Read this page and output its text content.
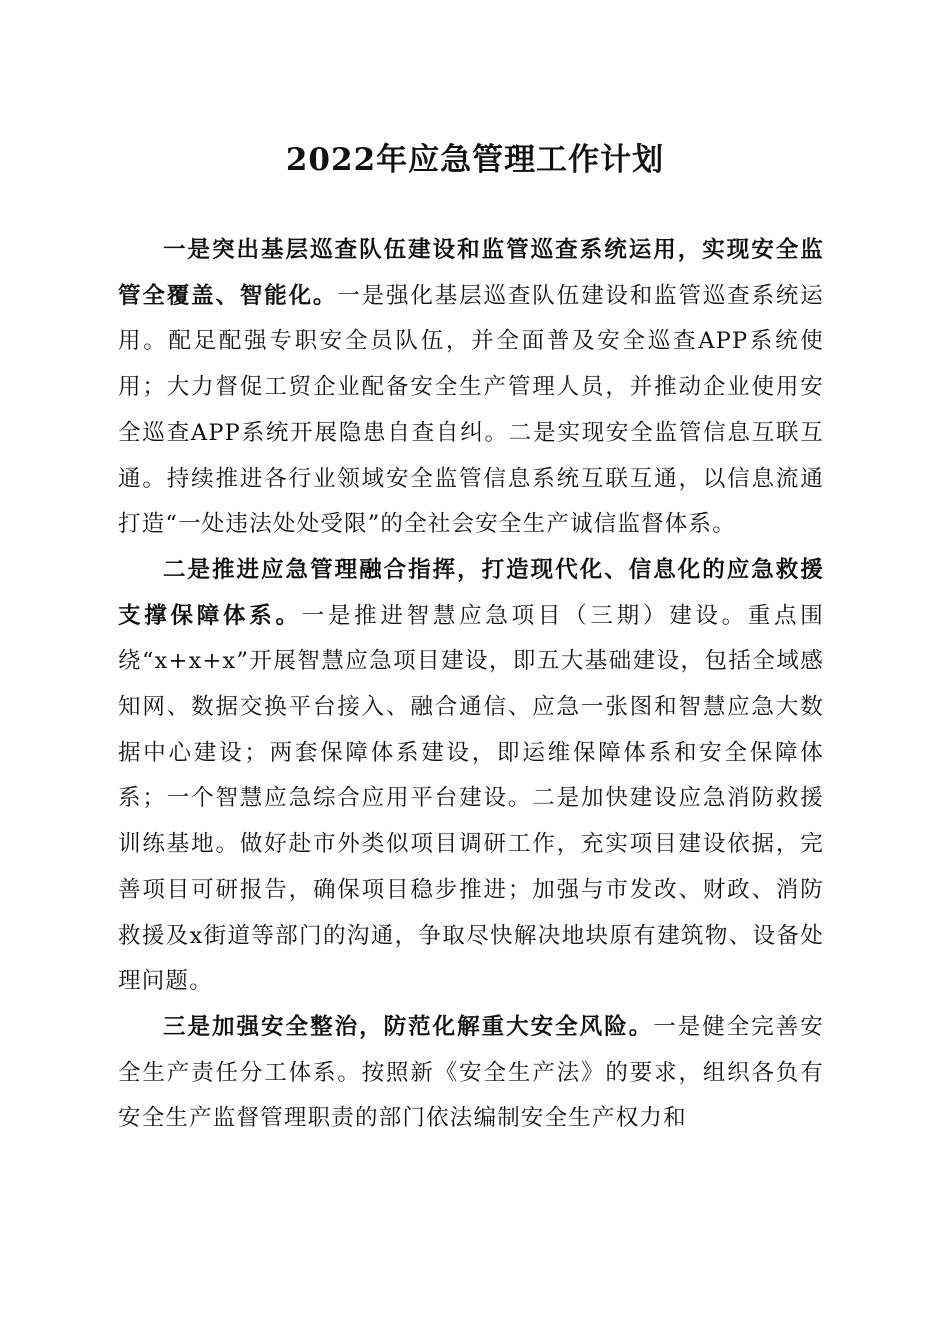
2022年应急管理工作计划

一是突出基层巡查队伍建设和监管巡查系统运用，实现安全监管全覆盖、智能化。一是强化基层巡查队伍建设和监管巡查系统运用。配足配强专职安全员队伍，并全面普及安全巡查APP系统使用；大力督促工贸企业配备安全生产管理人员，并推动企业使用安全巡查APP系统开展隐患自查自纠。二是实现安全监管信息互联互通。持续推进各行业领域安全监管信息系统互联互通，以信息流通打造“一处违法处处受限”的全社会安全生产诚信监督体系。

二是推进应急管理融合指挥，打造现代化、信息化的应急救援支撑保障体系。一是推进智慧应急项目（三期）建设。重点围绕“x+x+x”开展智慧应急项目建设，即五大基础建设，包括全域感知网、数据交换平台接入、融合通信、应急一张图和智慧应急大数据中心建设；两套保障体系建设，即运维保障体系和安全保障体系；一个智慧应急综合应用平台建设。二是加快建设应急消防救援训练基地。做好赴市外类似项目调研工作，充实项目建设依据，完善项目可研报告，确保项目稳步推进；加强与市发改、财政、消防救援及x街道等部门的沟通，争取尽快解决地块原有建筑物、设备处理问题。

三是加强安全整治，防范化解重大安全风险。一是健全完善安全生产责任分工体系。按照新《安全生产法》的要求，组织各负有安全生产监督管理职责的部门依法编制安全生产权力和
